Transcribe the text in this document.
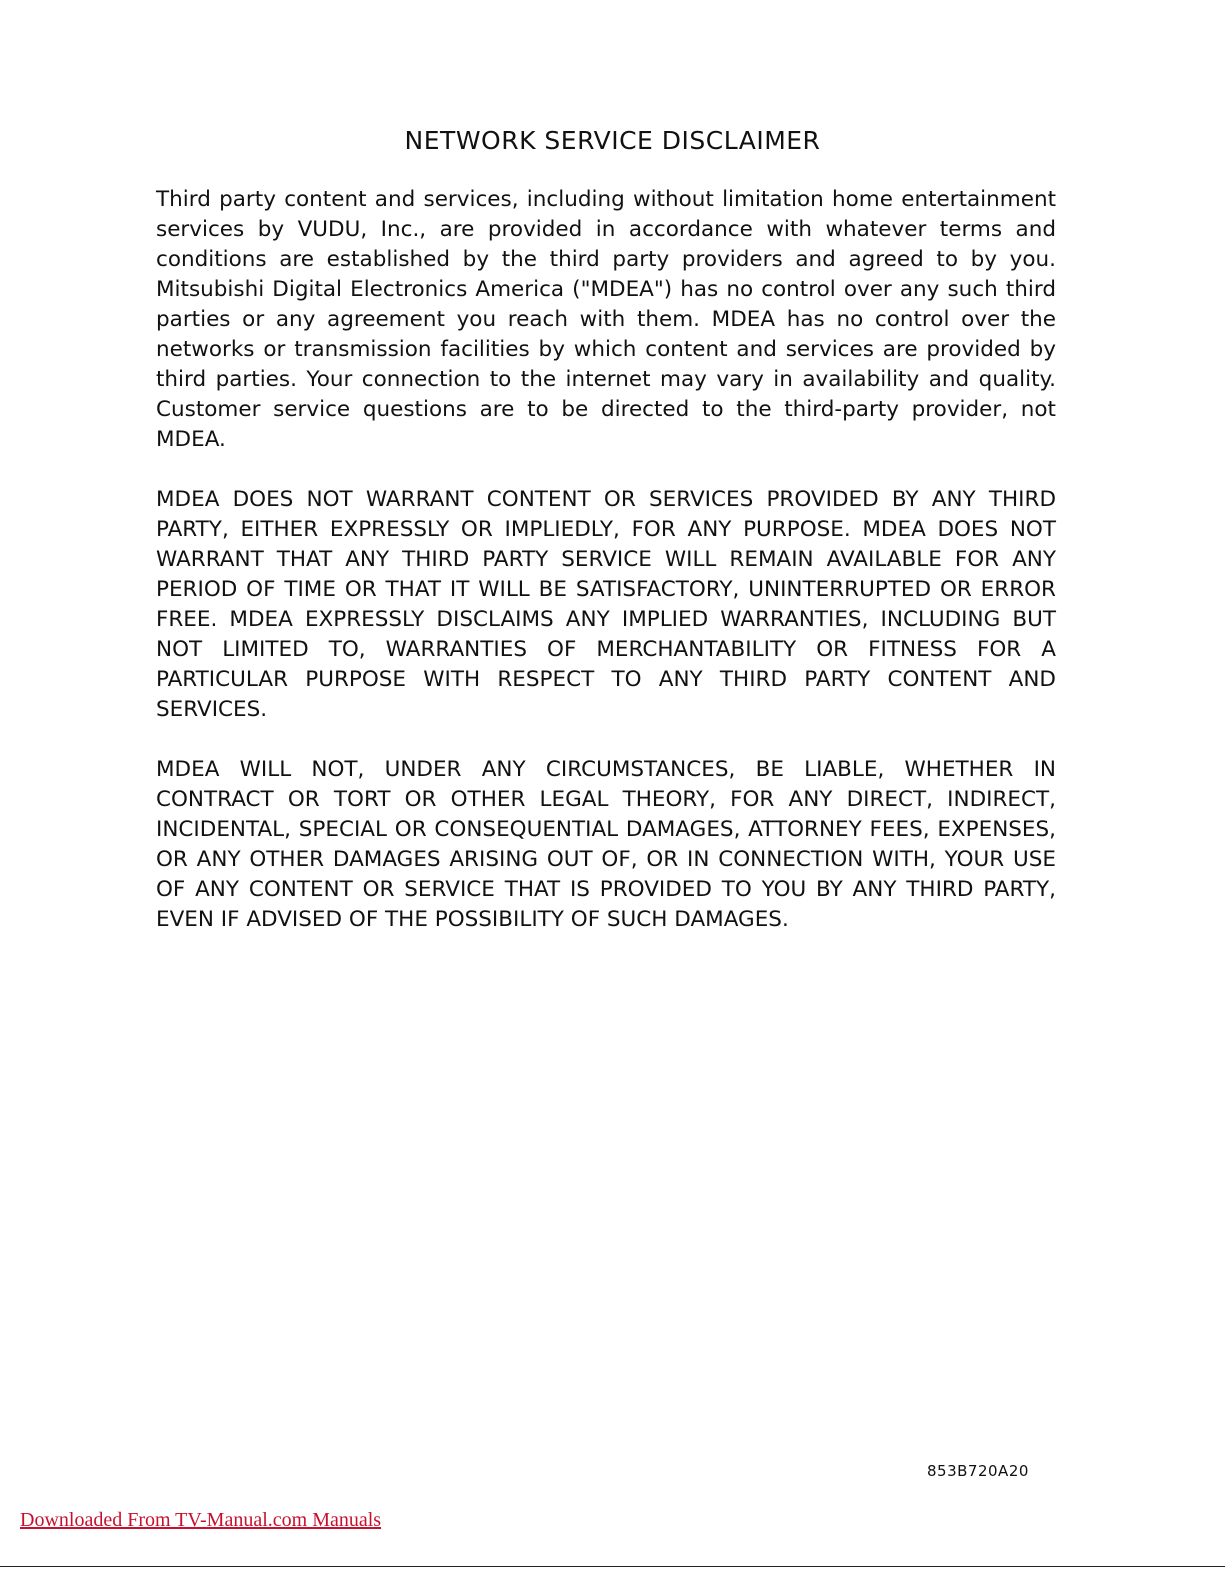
NETWORK SERVICE DISCLAIMER

Third party content and services, including without limitation home entertainment services by VUDU, Inc., are provided in accordance with whatever terms and conditions are established by the third party providers and agreed to by you. Mitsubishi Digital Electronics America ("MDEA") has no control over any such third parties or any agreement you reach with them. MDEA has no control over the networks or transmission facilities by which content and services are provided by third parties. Your connection to the internet may vary in availability and quality. Customer service questions are to be directed to the third-party provider, not MDEA.

MDEA DOES NOT WARRANT CONTENT OR SERVICES PROVIDED BY ANY THIRD PARTY, EITHER EXPRESSLY OR IMPLIEDLY, FOR ANY PURPOSE. MDEA DOES NOT WARRANT THAT ANY THIRD PARTY SERVICE WILL REMAIN AVAILABLE FOR ANY PERIOD OF TIME OR THAT IT WILL BE SATISFACTORY, UNINTERRUPTED OR ERROR FREE. MDEA EXPRESSLY DISCLAIMS ANY IMPLIED WARRANTIES, INCLUDING BUT NOT LIMITED TO, WARRANTIES OF MERCHANTABILITY OR FITNESS FOR A PARTICULAR PURPOSE WITH RESPECT TO ANY THIRD PARTY CONTENT AND SERVICES.

MDEA WILL NOT, UNDER ANY CIRCUMSTANCES, BE LIABLE, WHETHER IN CONTRACT OR TORT OR OTHER LEGAL THEORY, FOR ANY DIRECT, INDIRECT, INCIDENTAL, SPECIAL OR CONSEQUENTIAL DAMAGES, ATTORNEY FEES, EXPENSES, OR ANY OTHER DAMAGES ARISING OUT OF, OR IN CONNECTION WITH, YOUR USE OF ANY CONTENT OR SERVICE THAT IS PROVIDED TO YOU BY ANY THIRD PARTY, EVEN IF ADVISED OF THE POSSIBILITY OF SUCH DAMAGES.

853B720A20
Downloaded From TV-Manual.com Manuals
